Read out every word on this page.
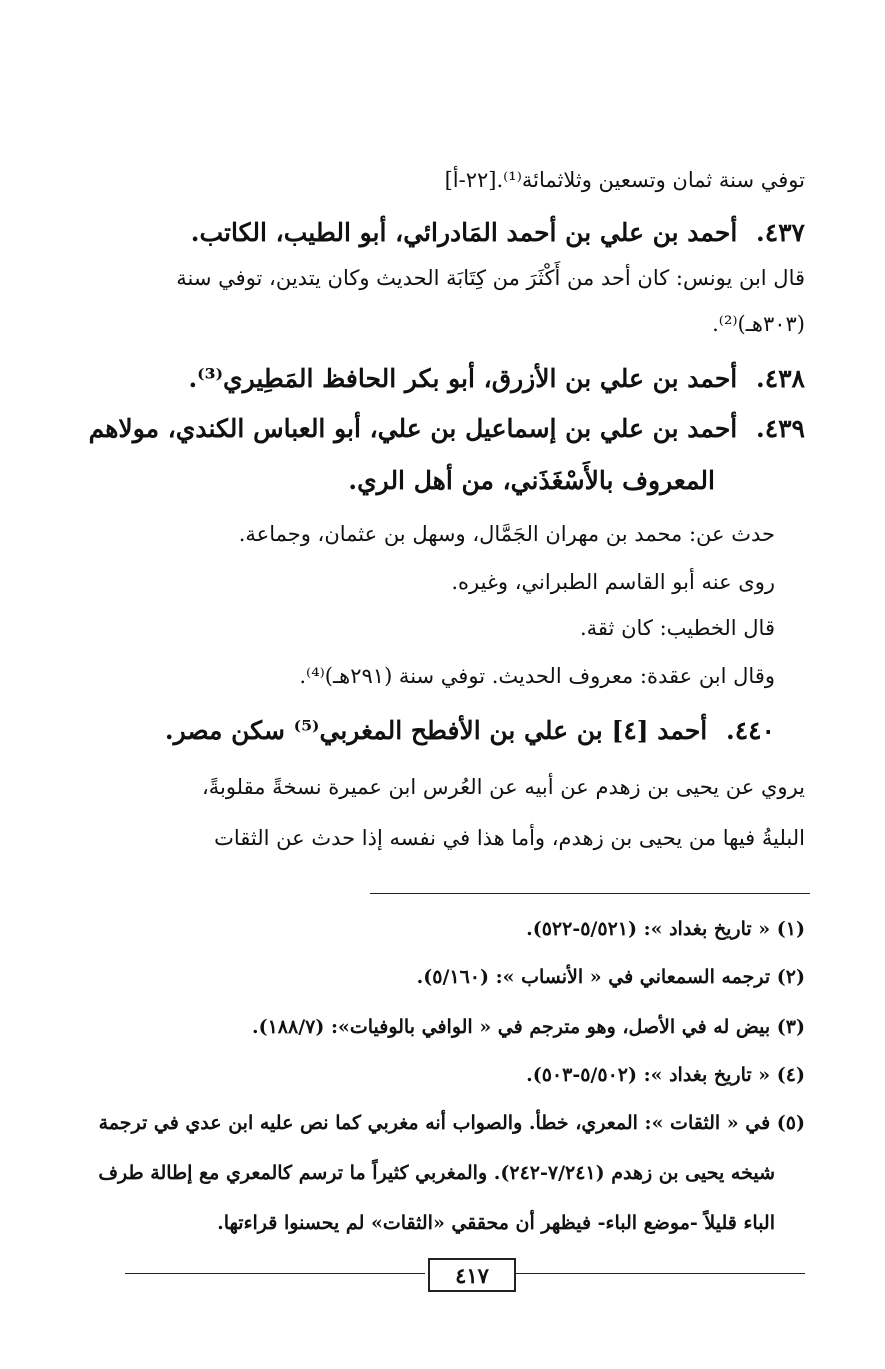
توفي سنة ثمان وتسعين وثلاثمائة⁽¹⁾.[٢٢-أ]
٤٣٧. أحمد بن علي بن أحمد المَادرائي، أبو الطيب، الكاتب.
قال ابن يونس: كان أحد من أَكْثَرَ من كِتَابَة الحديث وكان يتدين، توفي سنة
(٣٠٣هـ)⁽²⁾.
٤٣٨. أحمد بن علي بن الأزرق، أبو بكر الحافظ المَطِيري⁽³⁾.
٤٣٩. أحمد بن علي بن إسماعيل بن علي، أبو العباس الكندي، مولاهم
المعروف بالأَسْغَذَني، من أهل الري.
حدث عن: محمد بن مهران الجَمَّال، وسهل بن عثمان، وجماعة.
روى عنه أبو القاسم الطبراني، وغيره.
قال الخطيب: كان ثقة.
وقال ابن عقدة: معروف الحديث. توفي سنة (٢٩١هـ)⁽⁴⁾.
٤٤٠. أحمد [٤] بن علي بن الأفطح المغربي⁽⁵⁾ سكن مصر.
يروي عن يحيى بن زهدم عن أبيه عن العُرس ابن عميرة نسخةً مقلوبةً،
البليةُ فيها من يحيى بن زهدم، وأما هذا في نفسه إذا حدث عن الثقات
(١) « تاريخ بغداد »: (٥/٥٢١-٥٢٢).
(٢) ترجمه السمعاني في « الأنساب »: (٥/١٦٠).
(٣) بيض له في الأصل، وهو مترجم في « الوافي بالوفيات»: (١٨٨/٧).
(٤) « تاريخ بغداد »: (٥/٥٠٢-٥٠٣).
(٥) في « الثقات »: المعري، خطأ. والصواب أنه مغربي كما نص عليه ابن عدي في ترجمة
شيخه يحيى بن زهدم (٧/٢٤١-٢٤٢). والمغربي كثيراً ما ترسم كالمعري مع إطالة طرف
الباء قليلاً -موضع الباء- فيظهر أن محققي «الثقات» لم يحسنوا قراءتها.
٤١٧
